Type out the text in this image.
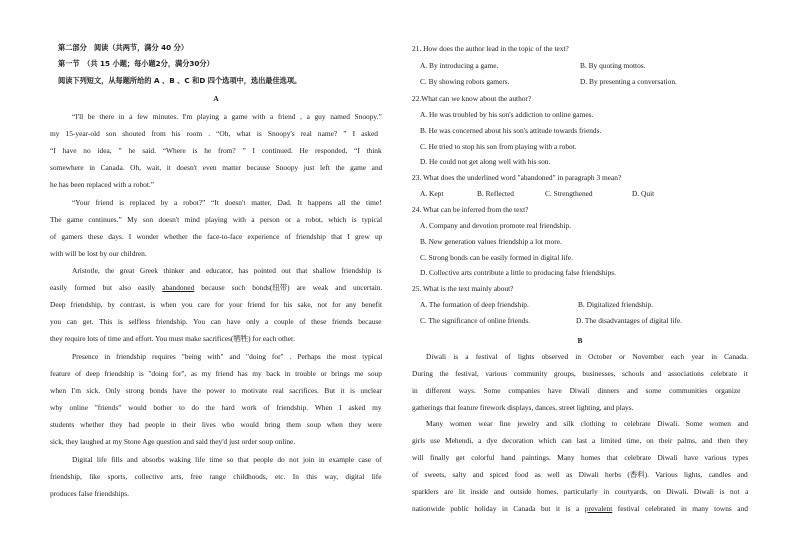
第二部分　阅读（共两节，满分 40 分）
第一节　（共 15 小题；每小题2分，满分30分）
阅读下列短文，从每题所给的 A 、B 、C 和D 四个选项中，选出最佳选项。
A
“I'll be there in a few minutes. I'm playing a game with a friend , a guy named Snoopy.”
my 15-year-old son shouted from his room . “Oh, what is Snoopy's real name? ” I asked
“I have no idea, ” he said. “Where is he from? ” I continued. He responded, “I think
somewhere in Canada. Oh, wait, it doesn't even matter because Snoopy just left the game and
he has been replaced with a robot.”
“Your friend is replaced by a robot?” “It doesn't matter, Dad. It happens all the time!
The game continues.” My son doesn't mind playing with a person or a robot, which is typical
of gamers these days. I wonder whether the face-to-face experience of friendship that I grew up
with will be lost by our children.
Aristotle, the great Greek thinker and educator, has pointed out that shallow friendship is
easily formed but also easily abandoned because such bonds(纽带) are weak and uncertain.
Deep friendship, by contrast, is when you care for your friend for his sake, not for any benefit
you can get. This is selfless friendship. You can have only a couple of these friends because
they require lots of time and effort. You must make sacrifices(牺牲) for each other.
Presence in friendship requires "being with" and "doing for" . Perhaps the most typical
feature of deep friendship is "doing for", as my friend has my back in trouble or brings me soup
when I'm sick. Only strong bonds have the power to motivate real sacrifices. But it is unclear
why online "friends" would bother to do the hard work of friendship. When I asked my
students whether they had people in their lives who would bring them soup when they were
sick, they laughed at my Stone Age question and said they'd just order soup online.
Digital life fills and absorbs waking life time so that people do not join in example case of
friendship, like sports, collective arts, free range childhoods, etc. In this way, digital life
produces false friendships.
21. How does the author lead in the topic of the text?
A. By introducing a game.	B. By quoting mottos.
C. By showing robots gamers.	D. By presenting a conversation.
22.What can we know about the author?
A. He was troubled by his son's addiction to online games.
B. He was concerned about his son's attitude towards friends.
C. He tried to stop his son from playing with a robot.
D. He could not get along well with his son.
23. What does the underlined word "abandoned" in paragraph 3 mean?
A. Kept	B. Reflected	C. Strengthened	D. Quit
24. What can be inferred from the text?
A. Company and devotion promote real friendship.
B. New generation values friendship a lot more.
C. Strong bonds can be easily formed in digital life.
D. Collective arts contribute a little to producing false friendships.
25. What is the text mainly about?
A. The formation of deep friendship.	B. Digitalized friendship.
C. The significance of online friends.	D. The disadvantages of digital life.
B
Diwali is a festival of lights observed in October or November each year in Canada.
During the festival, various community groups, businesses, schools and associations celebrate it
in different ways. Some companies have Diwali dinners and some communities organize
gatherings that feature firework displays, dances, street lighting, and plays.
Many women wear fine jewelry and silk clothing to celebrate Diwali. Some women and
girls use Mehendi, a dye decoration which can last a limited time, on their palms, and then they
will finally get colorful hand paintings. Many homes that celebrate Diwali have various types
of sweets, salty and spiced food as well as Diwali herbs (香料). Various lights, candles and
sparklers are lit inside and outside homes, particularly in courtyards, on Diwali. Diwali is not a
nationwide public holiday in Canada but it is a prevalent festival celebrated in many towns and
